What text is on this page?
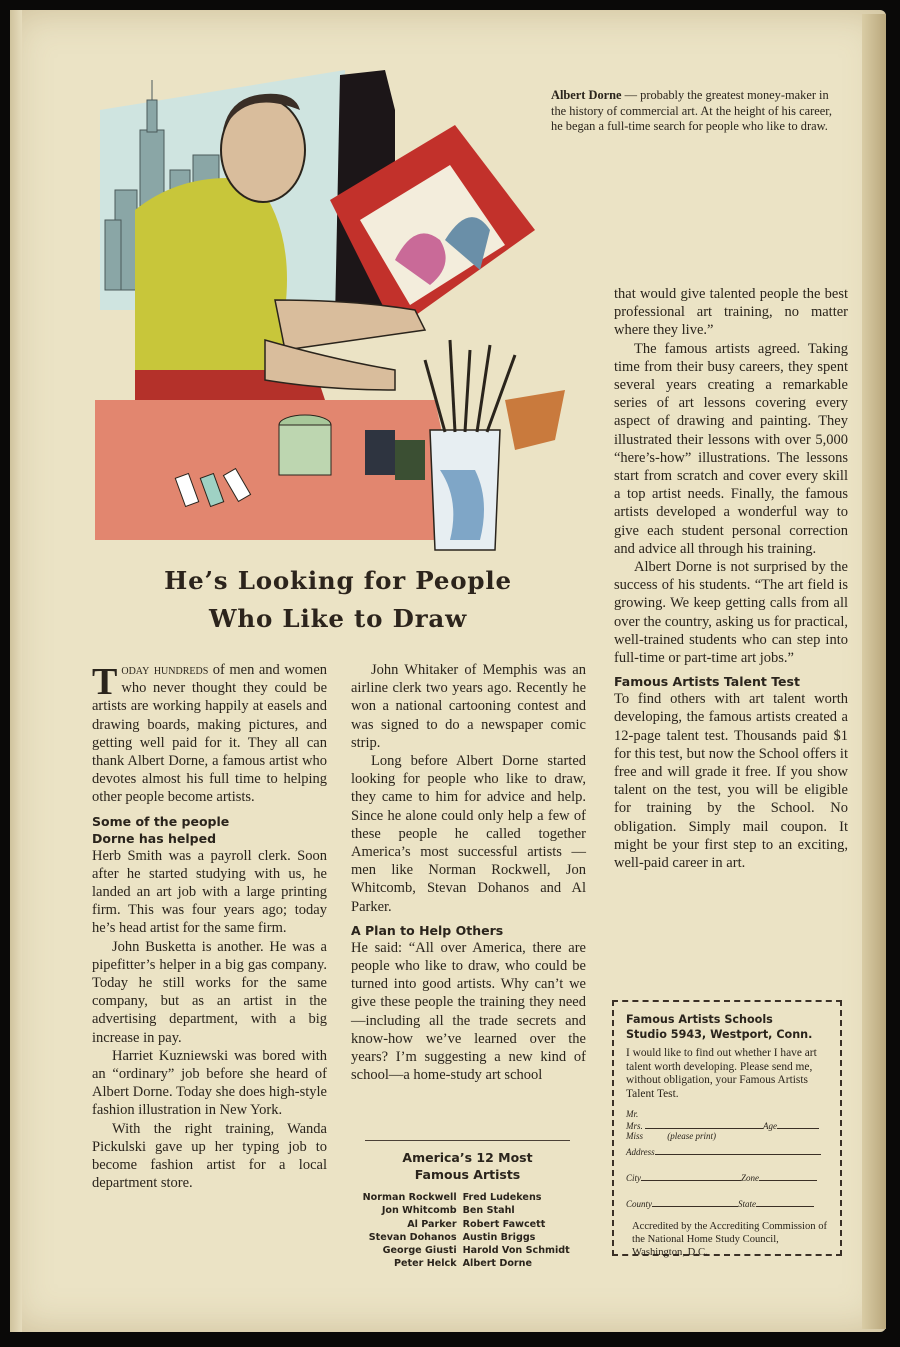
Albert Dorne — probably the greatest money-maker in the history of commercial art. At the height of his career, he began a full-time search for people who like to draw.
He’s Looking for People
Who Like to Draw

Today hundreds of men and women who never thought they could be artists are working happily at easels and drawing boards, making pictures, and getting well paid for it. They all can thank Albert Dorne, a famous artist who devotes almost his full time to helping other people become artists.

Some of the people
Dorne has helped

Herb Smith was a payroll clerk. Soon after he started studying with us, he landed an art job with a large printing firm. This was four years ago; today he’s head artist for the same firm.

John Busketta is another. He was a pipefitter’s helper in a big gas company. Today he still works for the same company, but as an artist in the advertising department, with a big increase in pay.

Harriet Kuzniewski was bored with an “ordinary” job before she heard of Albert Dorne. Today she does high-style fashion illustration in New York.

With the right training, Wanda Pickulski gave up her typing job to become fashion artist for a local department store.

John Whitaker of Memphis was an airline clerk two years ago. Recently he won a national cartooning contest and was signed to do a newspaper comic strip.

Long before Albert Dorne started looking for people who like to draw, they came to him for advice and help. Since he alone could only help a few of these people he called together America’s most successful artists —men like Norman Rockwell, Jon Whitcomb, Stevan Dohanos and Al Parker.

A Plan to Help Others

He said: “All over America, there are people who like to draw, who could be turned into good artists. Why can’t we give these people the training they need—including all the trade secrets and know-how we’ve learned over the years? I’m suggesting a new kind of school—a home-study art school

that would give talented people the best professional art training, no matter where they live.”

The famous artists agreed. Taking time from their busy careers, they spent several years creating a remarkable series of art lessons covering every aspect of drawing and painting. They illustrated their lessons with over 5,000 “here’s-how” illustrations. The lessons start from scratch and cover every skill a top artist needs. Finally, the famous artists developed a wonderful way to give each student personal correction and advice all through his training.

Albert Dorne is not surprised by the success of his students. “The art field is growing. We keep getting calls from all over the country, asking us for practical, well-trained students who can step into full-time or part-time art jobs.”

Famous Artists Talent Test

To find others with art talent worth developing, the famous artists created a 12-page talent test. Thousands paid $1 for this test, but now the School offers it free and will grade it free. If you show talent on the test, you will be eligible for training by the School. No obligation. Simply mail coupon. It might be your first step to an exciting, well-paid career in art.

America’s 12 Most
Famous Artists
Norman Rockwell	Fred Ludekens
Jon Whitcomb	Ben Stahl
Al Parker	Robert Fawcett
Stevan Dohanos	Austin Briggs
George Giusti	Harold Von Schmidt
Peter Helck	Albert Dorne
Famous Artists Schools
Studio 5943, Westport, Conn.
I would like to find out whether I have art talent worth developing. Please send me, without obligation, your Famous Artists Talent Test.
Mr.
Mrs.	Age
Miss	(please print)
Address
City	Zone
County	State
Accredited by the Accrediting Commission of the National Home Study Council, Washington, D.C.
